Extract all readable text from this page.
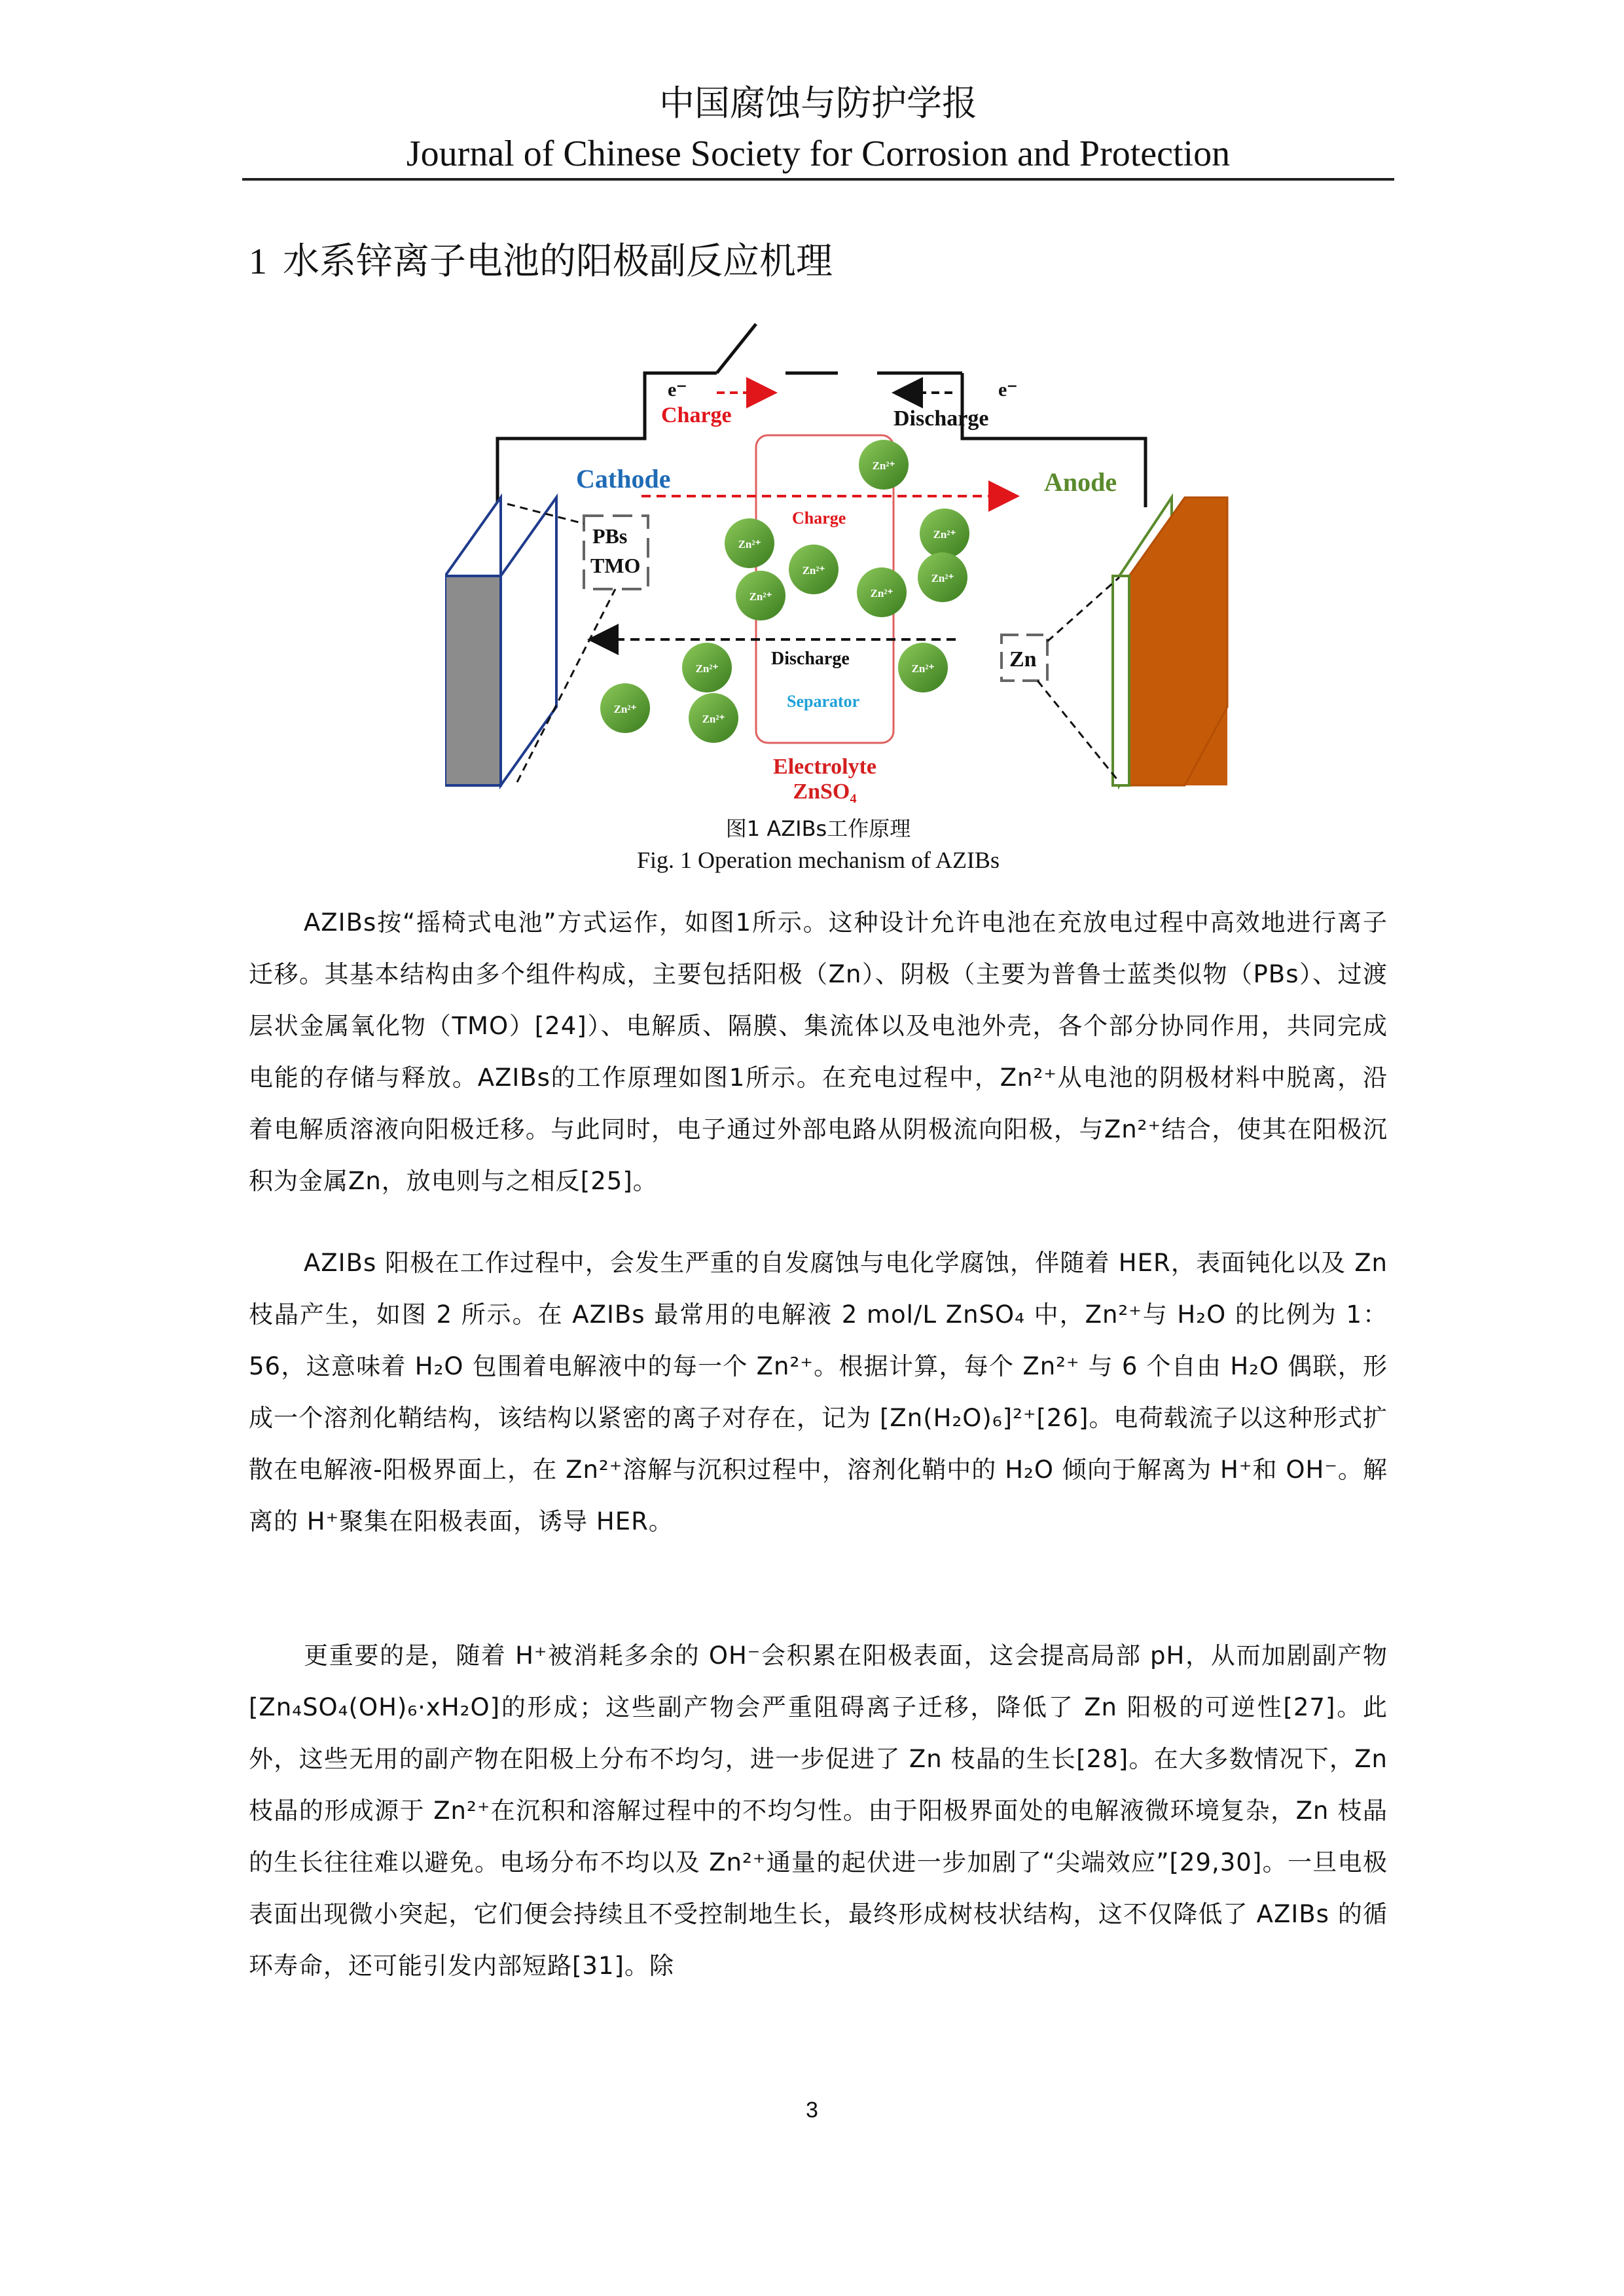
中国腐蚀与防护学报
Journal of Chinese Society for Corrosion and Protection
1 水系锌离子电池的阳极副反应机理
e⁻	e⁻
Charge	Discharge
Cathode	Anode
PBs
TMO
Zn
Separator
Charge
Discharge
Zn²⁺
Zn²⁺
Zn²⁺
Zn²⁺
Zn²⁺
Zn²⁺	Zn²⁺
Zn²⁺	Zn²⁺
Zn²⁺
Zn²⁺
Electrolyte
ZnSO₄
图1 AZIBs工作原理
Fig. 1 Operation mechanism of AZIBs

AZIBs按“摇椅式电池”方式运作，如图1所示。这种设计允许电池在充放电过程中高效地进行离子迁移。其基本结构由多个组件构成，主要包括阳极（Zn）、阴极（主要为普鲁士蓝类似物（PBs）、过渡层状金属氧化物（TMO）[24]）、电解质、隔膜、集流体以及电池外壳，各个部分协同作用，共同完成电能的存储与释放。AZIBs的工作原理如图1所示。在充电过程中，Zn²⁺从电池的阴极材料中脱离，沿着电解质溶液向阳极迁移。与此同时，电子通过外部电路从阴极流向阳极，与Zn²⁺结合，使其在阳极沉积为金属Zn，放电则与之相反[25]。

AZIBs 阳极在工作过程中，会发生严重的自发腐蚀与电化学腐蚀，伴随着 HER，表面钝化以及 Zn 枝晶产生，如图 2 所示。在 AZIBs 最常用的电解液 2 mol/L ZnSO₄ 中，Zn²⁺与 H₂O 的比例为 1：56，这意味着 H₂O 包围着电解液中的每一个 Zn²⁺。根据计算，每个 Zn²⁺ 与 6 个自由 H₂O 偶联，形成一个溶剂化鞘结构，该结构以紧密的离子对存在，记为 [Zn(H₂O)₆]²⁺[26]。电荷载流子以这种形式扩散在电解液-阳极界面上，在 Zn²⁺溶解与沉积过程中，溶剂化鞘中的 H₂O 倾向于解离为 H⁺和 OH⁻。解离的 H⁺聚集在阳极表面，诱导 HER。

更重要的是，随着 H⁺被消耗多余的 OH⁻会积累在阳极表面，这会提高局部 pH，从而加剧副产物[Zn₄SO₄(OH)₆·xH₂O]的形成；这些副产物会严重阻碍离子迁移，降低了 Zn 阳极的可逆性[27]。此外，这些无用的副产物在阳极上分布不均匀，进一步促进了 Zn 枝晶的生长[28]。在大多数情况下，Zn 枝晶的形成源于 Zn²⁺在沉积和溶解过程中的不均匀性。由于阳极界面处的电解液微环境复杂，Zn 枝晶的生长往往难以避免。电场分布不均以及 Zn²⁺通量的起伏进一步加剧了“尖端效应”[29,30]。一旦电极表面出现微小突起，它们便会持续且不受控制地生长，最终形成树枝状结构，这不仅降低了 AZIBs 的循环寿命，还可能引发内部短路[31]。除

3
